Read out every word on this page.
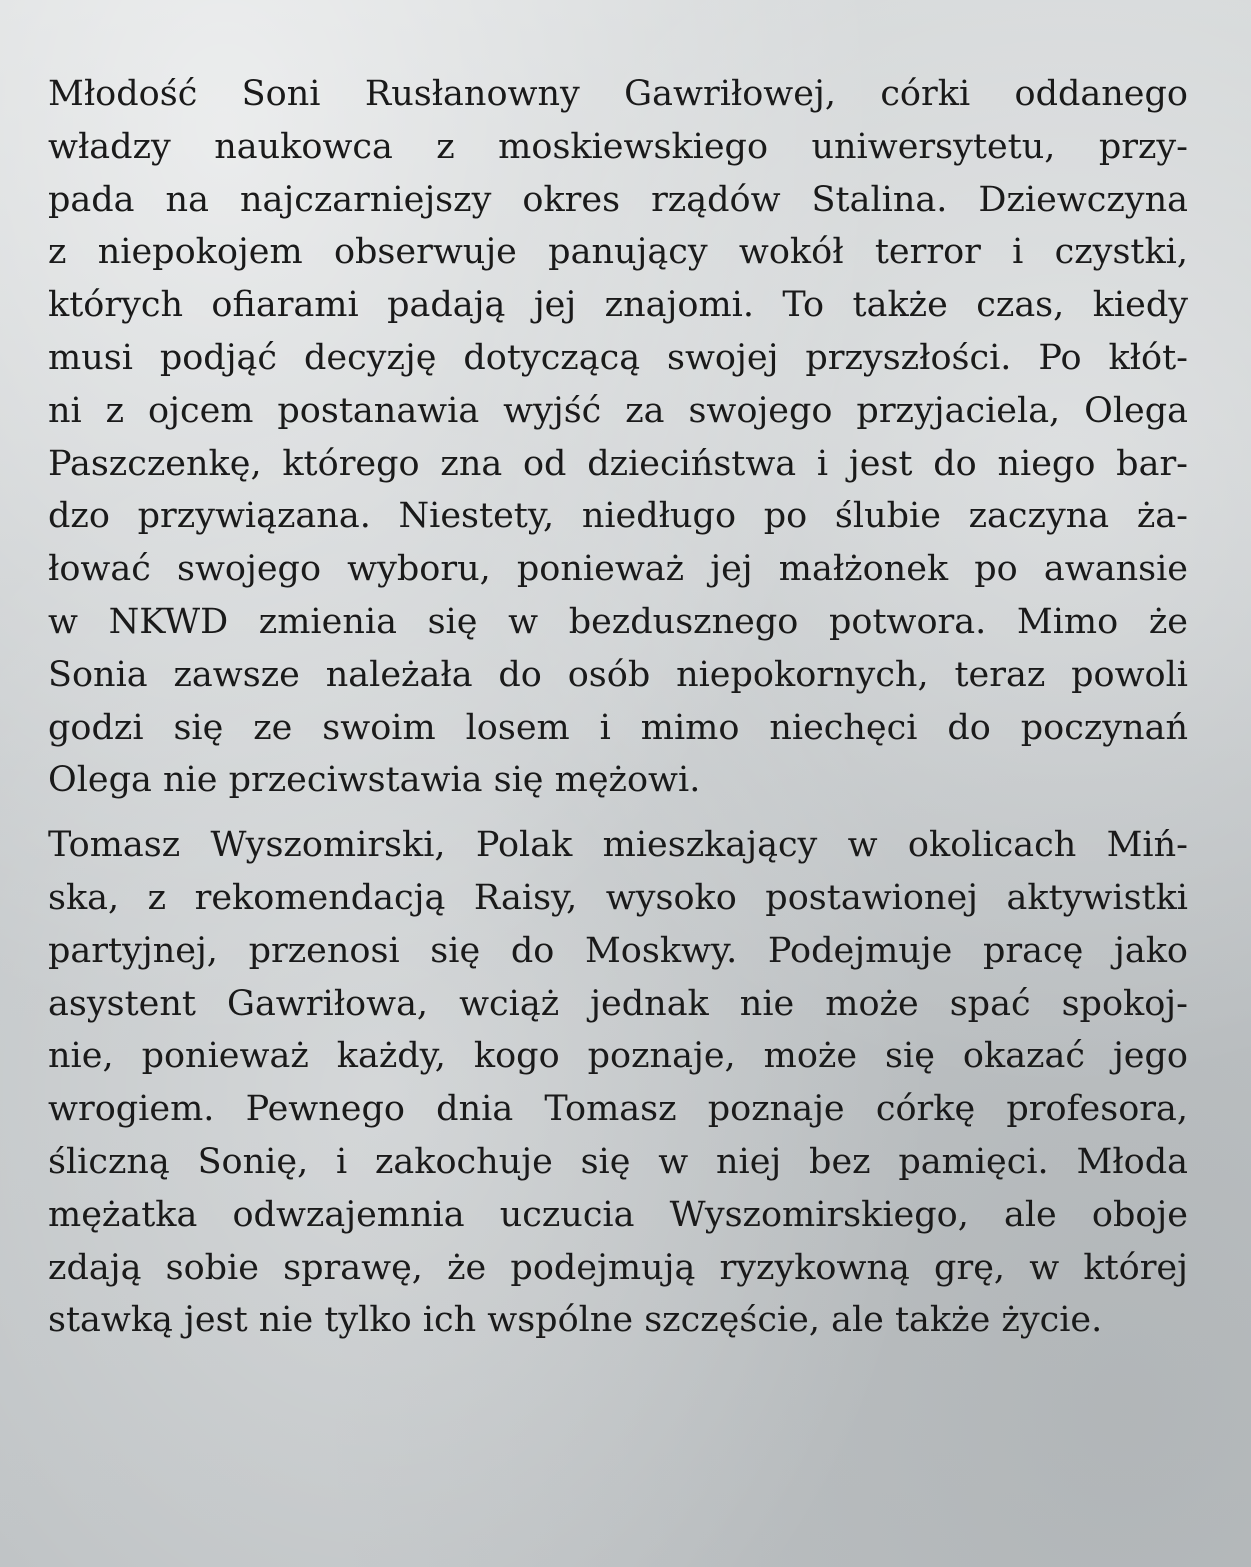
Młodość Soni Rusłanowny Gawriłowej, córki oddanego
władzy naukowca z moskiewskiego uniwersytetu, przy-
pada na najczarniejszy okres rządów Stalina. Dziewczyna
z niepokojem obserwuje panujący wokół terror i czystki,
których ofiarami padają jej znajomi. To także czas, kiedy
musi podjąć decyzję dotyczącą swojej przyszłości. Po kłót-
ni z ojcem postanawia wyjść za swojego przyjaciela, Olega
Paszczenkę, którego zna od dzieciństwa i jest do niego bar-
dzo przywiązana. Niestety, niedługo po ślubie zaczyna ża-
łować swojego wyboru, ponieważ jej małżonek po awansie
w NKWD zmienia się w bezdusznego potwora. Mimo że
Sonia zawsze należała do osób niepokornych, teraz powoli
godzi się ze swoim losem i mimo niechęci do poczynań
Olega nie przeciwstawia się mężowi.

Tomasz Wyszomirski, Polak mieszkający w okolicach Miń-
ska, z rekomendacją Raisy, wysoko postawionej aktywistki
partyjnej, przenosi się do Moskwy. Podejmuje pracę jako
asystent Gawriłowa, wciąż jednak nie może spać spokoj-
nie, ponieważ każdy, kogo poznaje, może się okazać jego
wrogiem. Pewnego dnia Tomasz poznaje córkę profesora,
śliczną Sonię, i zakochuje się w niej bez pamięci. Młoda
mężatka odwzajemnia uczucia Wyszomirskiego, ale oboje
zdają sobie sprawę, że podejmują ryzykowną grę, w której
stawką jest nie tylko ich wspólne szczęście, ale także życie.
